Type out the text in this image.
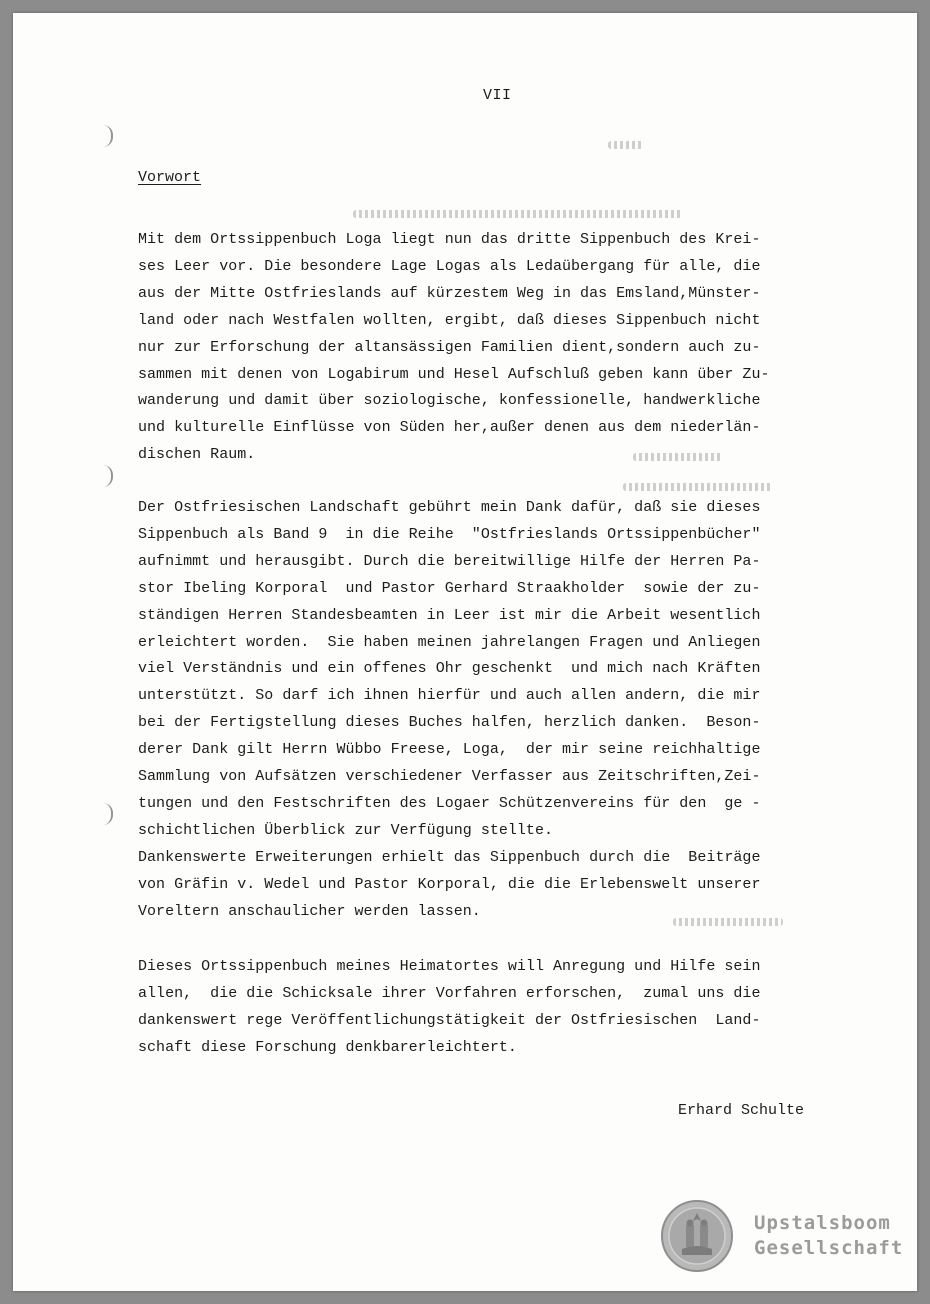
VII
Vorwort
Mit dem Ortssippenbuch Loga liegt nun das dritte Sippenbuch des Krei-
ses Leer vor. Die besondere Lage Logas als Ledaübergang für alle, die
aus der Mitte Ostfrieslands auf kürzestem Weg in das Emsland,Münster-
land oder nach Westfalen wollten, ergibt, daß dieses Sippenbuch nicht
nur zur Erforschung der altansässigen Familien dient,sondern auch zu-
sammen mit denen von Logabirum und Hesel Aufschluß geben kann über Zu-
wanderung und damit über soziologische, konfessionelle, handwerkliche
und kulturelle Einflüsse von Süden her,außer denen aus dem niederlän-
dischen Raum.
Der Ostfriesischen Landschaft gebührt mein Dank dafür, daß sie dieses
Sippenbuch als Band 9  in die Reihe  "Ostfrieslands Ortssippenbücher"
aufnimmt und herausgibt. Durch die bereitwillige Hilfe der Herren Pa-
stor Ibeling Korporal  und Pastor Gerhard Straakholder  sowie der zu-
ständigen Herren Standesbeamten in Leer ist mir die Arbeit wesentlich
erleichtert worden.  Sie haben meinen jahrelangen Fragen und Anliegen
viel Verständnis und ein offenes Ohr geschenkt  und mich nach Kräften
unterstützt. So darf ich ihnen hierfür und auch allen andern, die mir
bei der Fertigstellung dieses Buches halfen, herzlich danken.  Beson-
derer Dank gilt Herrn Wübbo Freese, Loga,  der mir seine reichhaltige
Sammlung von Aufsätzen verschiedener Verfasser aus Zeitschriften,Zei-
tungen und den Festschriften des Logaer Schützenvereins für den  ge -
schichtlichen Überblick zur Verfügung stellte.
Dankenswerte Erweiterungen erhielt das Sippenbuch durch die  Beiträge
von Gräfin v. Wedel und Pastor Korporal, die die Erlebenswelt unserer
Voreltern anschaulicher werden lassen.
Dieses Ortssippenbuch meines Heimatortes will Anregung und Hilfe sein
allen,  die die Schicksale ihrer Vorfahren erforschen,  zumal uns die
dankenswert rege Veröffentlichungstätigkeit der Ostfriesischen  Land-
schaft diese Forschung denkbarerleichtert.
Erhard Schulte
Upstalsboom
Gesellschaft
